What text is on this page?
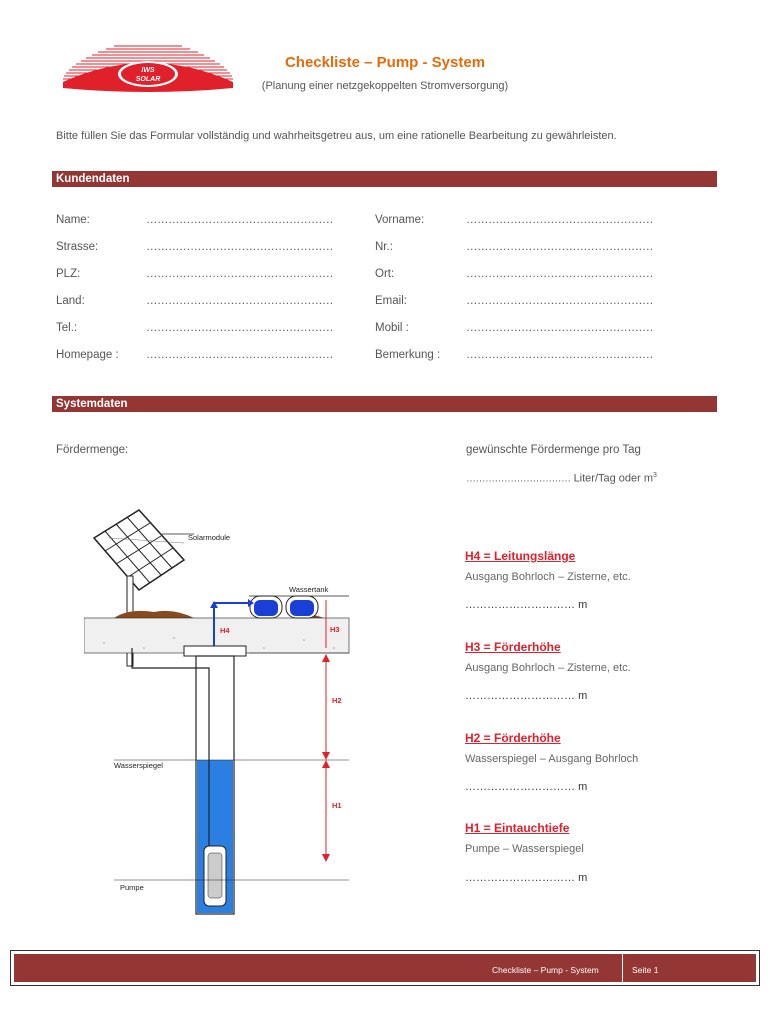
IWS
SOLAR
Checkliste – Pump - System
(Planung einer netzgekoppelten Stromversorgung)
Bitte füllen Sie das Formular vollständig und wahrheitsgetreu aus, um eine rationelle Bearbeitung zu gewährleisten.
Kundendaten
Name:	……………………………………………	Vorname:	……………………………………………
Strasse:	……………………………………………	Nr.:	……………………………………………
PLZ:	……………………………………………	Ort:	……………………………………………
Land:	……………………………………………	Email:	……………………………………………
Tel.:	……………………………………………	Mobil :	……………………………………………
Homepage : ……………………………………………	Bemerkung : ……………………………………………
Systemdaten
Fördermenge:	gewünschte Fördermenge pro Tag
…………………………… Liter/Tag oder $m^3$
Solarmodule
Wassertank
Wasserspiegel
Pumpe
H4	H3
H2
H1
H4 = Leitungslänge
Ausgang Bohrloch – Zisterne, etc.
………………………… m
H3 = Förderhöhe
Ausgang Bohrloch – Zisterne, etc.
………………………… m
H2 = Förderhöhe
Wasserspiegel – Ausgang Bohrloch
………………………… m
H1 = Eintauchtiefe
Pumpe – Wasserspiegel
………………………… m
Checkliste – Pump - System	Seite 1
